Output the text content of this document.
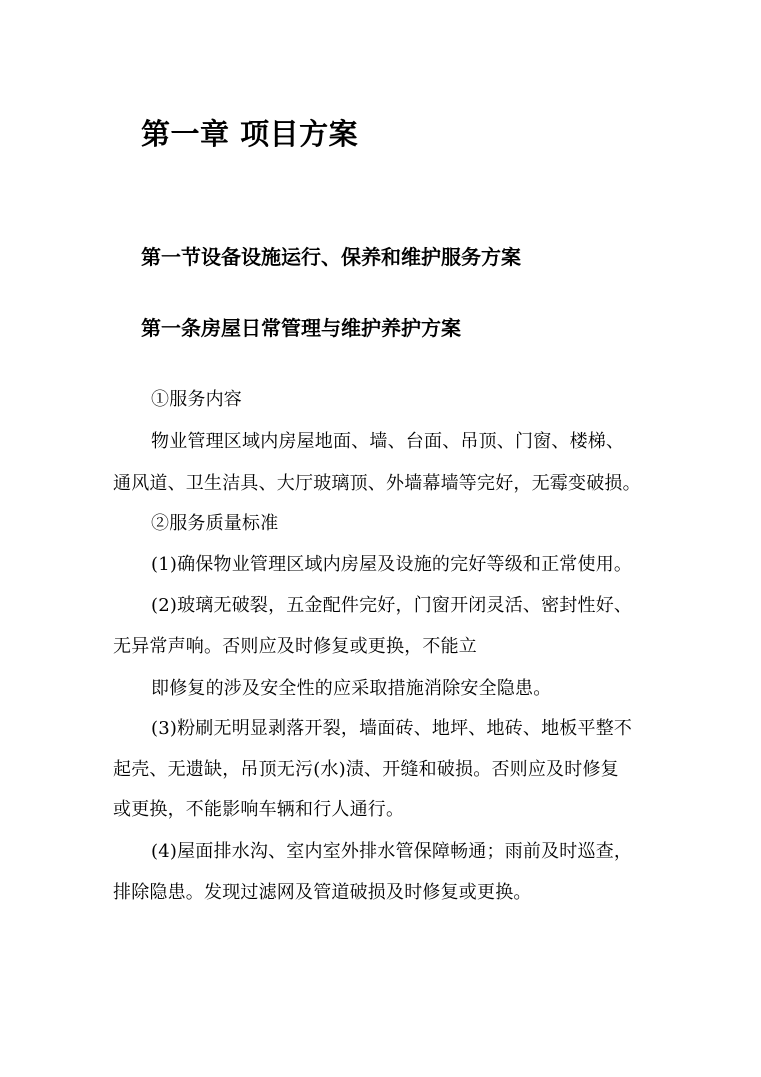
第一章 项目方案
第一节设备设施运行、保养和维护服务方案
第一条房屋日常管理与维护养护方案
①服务内容
物业管理区域内房屋地面、墙、台面、吊顶、门窗、楼梯、
通风道、卫生洁具、大厅玻璃顶、外墙幕墙等完好，无霉变破损。
②服务质量标准
(1)确保物业管理区域内房屋及设施的完好等级和正常使用。
(2)玻璃无破裂，五金配件完好，门窗开闭灵活、密封性好、
无异常声响。否则应及时修复或更换，不能立
即修复的涉及安全性的应采取措施消除安全隐患。
(3)粉刷无明显剥落开裂，墙面砖、地坪、地砖、地板平整不
起壳、无遗缺，吊顶无污(水)渍、开缝和破损。否则应及时修复
或更换，不能影响车辆和行人通行。
(4)屋面排水沟、室内室外排水管保障畅通；雨前及时巡查，
排除隐患。发现过滤网及管道破损及时修复或更换。
